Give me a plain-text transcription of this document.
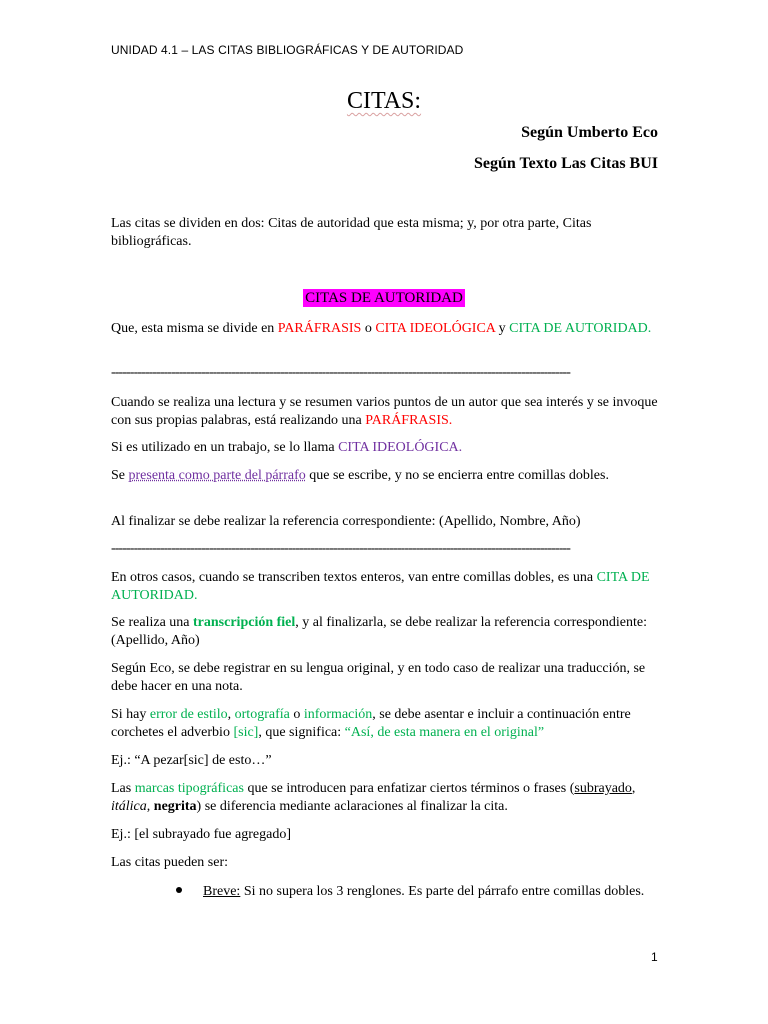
UNIDAD 4.1 – LAS CITAS BIBLIOGRÁFICAS Y DE AUTORIDAD
CITAS:
Según Umberto Eco
Según Texto Las Citas BUI
Las citas se dividen en dos: Citas de autoridad que esta misma; y, por otra parte, Citas bibliográficas.
CITAS DE AUTORIDAD
Que, esta misma se divide en PARÁFRASIS o CITA IDEOLÓGICA y CITA DE AUTORIDAD.
--------------------------------------------------------------------------------------------------------------------------
Cuando se realiza una lectura y se resumen varios puntos de un autor que sea interés y se invoque con sus propias palabras, está realizando una PARÁFRASIS.
Si es utilizado en un trabajo, se lo llama CITA IDEOLÓGICA.
Se presenta como parte del párrafo que se escribe, y no se encierra entre comillas dobles.
Al finalizar se debe realizar la referencia correspondiente: (Apellido, Nombre, Año)
--------------------------------------------------------------------------------------------------------------------------
En otros casos, cuando se transcriben textos enteros, van entre comillas dobles, es una CITA DE AUTORIDAD.
Se realiza una transcripción fiel, y al finalizarla, se debe realizar la referencia correspondiente: (Apellido, Año)
Según Eco, se debe registrar en su lengua original, y en todo caso de realizar una traducción, se debe hacer en una nota.
Si hay error de estilo, ortografía o información, se debe asentar e incluir a continuación entre corchetes el adverbio [sic], que significa: “Así, de esta manera en el original”
Ej.: “A pezar[sic] de esto…”
Las marcas tipográficas que se introducen para enfatizar ciertos términos o frases (subrayado, itálica, negrita) se diferencia mediante aclaraciones al finalizar la cita.
Ej.: [el subrayado fue agregado]
Las citas pueden ser:
Breve: Si no supera los 3 renglones. Es parte del párrafo entre comillas dobles.
1
